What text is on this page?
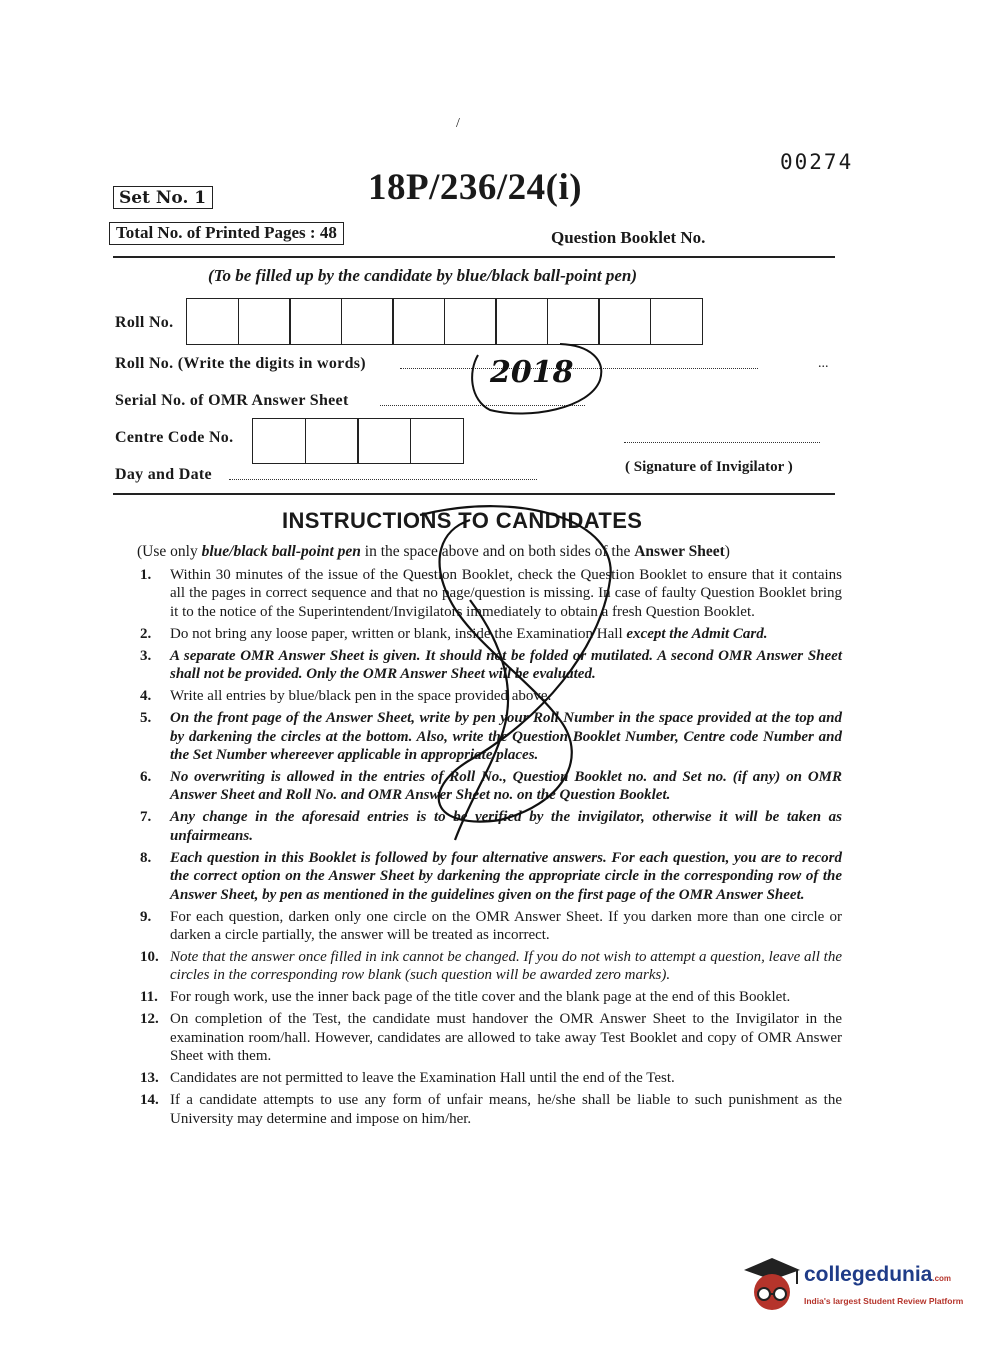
/
00274
Set No. 1	18P/236/24(i)
Total No. of Printed Pages : 48	Question Booklet No.
(To be filled up by the candidate by blue/black ball-point pen)
Roll No.
Roll No. (Write the digits in words)	...
Serial No. of OMR Answer Sheet
Centre Code No.
Day and Date	( Signature of Invigilator )
INSTRUCTIONS TO CANDIDATES
(Use only blue/black ball-point pen in the space above and on both sides of the Answer Sheet)
1. Within 30 minutes of the issue of the Question Booklet, check the Question Booklet to ensure that it contains all the pages in correct sequence and that no page/question is missing. In case of faulty Question Booklet bring it to the notice of the Superintendent/Invigilators immediately to obtain a fresh Question Booklet.
2. Do not bring any loose paper, written or blank, inside the Examination Hall except the Admit Card.
3. A separate OMR Answer Sheet is given. It should not be folded or mutilated. A second OMR Answer Sheet shall not be provided. Only the OMR Answer Sheet will be evaluated.
4. Write all entries by blue/black pen in the space provided above.
5. On the front page of the Answer Sheet, write by pen your Roll Number in the space provided at the top and by darkening the circles at the bottom. Also, write the Question Booklet Number, Centre code Number and the Set Number whereever applicable in appropriate places.
6. No overwriting is allowed in the entries of Roll No., Question Booklet no. and Set no. (if any) on OMR Answer Sheet and Roll No. and OMR Answer Sheet no. on the Question Booklet.
7. Any change in the aforesaid entries is to be verified by the invigilator, otherwise it will be taken as unfairmeans.
8. Each question in this Booklet is followed by four alternative answers. For each question, you are to record the correct option on the Answer Sheet by darkening the appropriate circle in the corresponding row of the Answer Sheet, by pen as mentioned in the guidelines given on the first page of the OMR Answer Sheet.
9. For each question, darken only one circle on the OMR Answer Sheet. If you darken more than one circle or darken a circle partially, the answer will be treated as incorrect.
10. Note that the answer once filled in ink cannot be changed. If you do not wish to attempt a question, leave all the circles in the corresponding row blank (such question will be awarded zero marks).
11. For rough work, use the inner back page of the title cover and the blank page at the end of this Booklet.
12. On completion of the Test, the candidate must handover the OMR Answer Sheet to the Invigilator in the examination room/hall. However, candidates are allowed to take away Test Booklet and copy of OMR Answer Sheet with them.
13. Candidates are not permitted to leave the Examination Hall until the end of the Test.
14. If a candidate attempts to use any form of unfair means, he/she shall be liable to such punishment as the University may determine and impose on him/her.
2018
collegedunia.com
India's largest Student Review Platform
